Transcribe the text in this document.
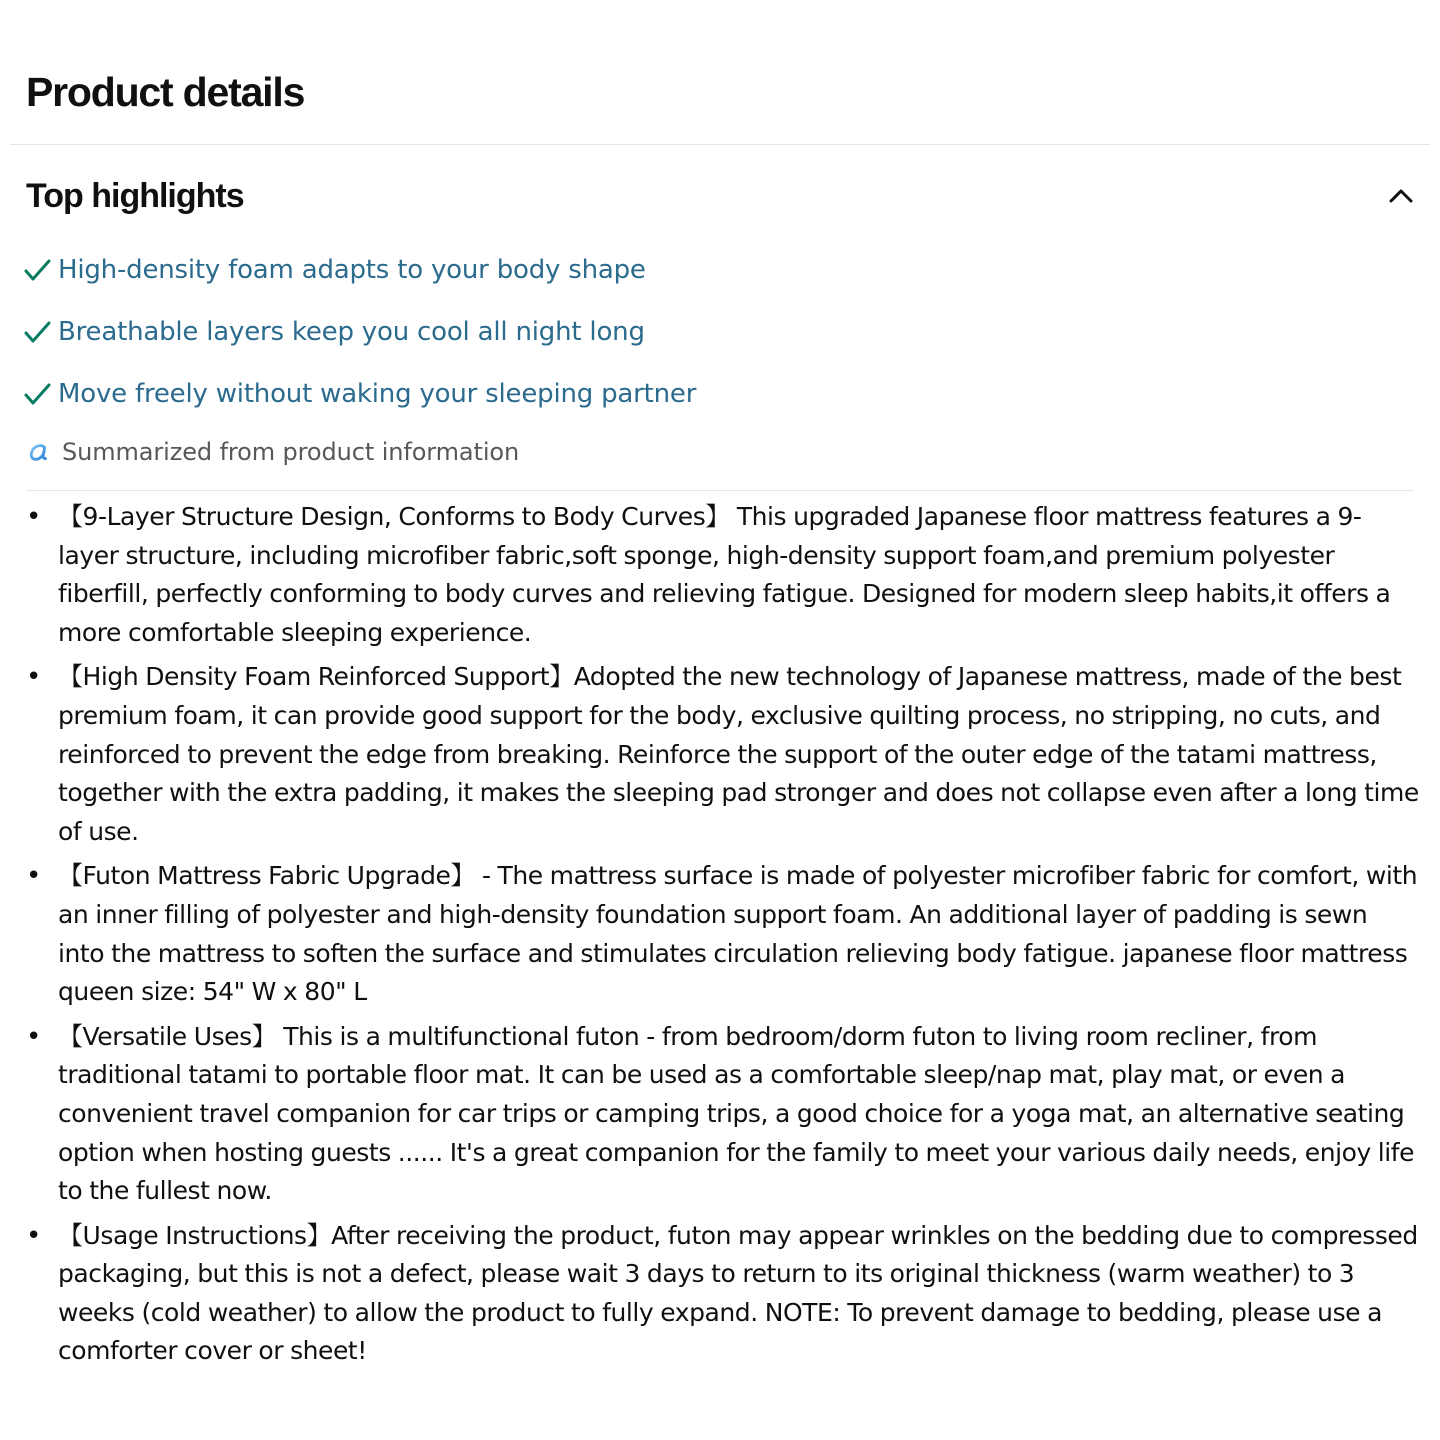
Product details
Top highlights
High-density foam adapts to your body shape
Breathable layers keep you cool all night long
Move freely without waking your sleeping partner
Summarized from product information
• 【9-Layer Structure Design, Conforms to Body Curves】 This upgraded Japanese floor mattress features a 9-layer structure, including microfiber fabric,soft sponge, high-density support foam,and premium polyester fiberfill, perfectly conforming to body curves and relieving fatigue. Designed for modern sleep habits,it offers a more comfortable sleeping experience.
• 【High Density Foam Reinforced Support】Adopted the new technology of Japanese mattress, made of the best premium foam, it can provide good support for the body, exclusive quilting process, no stripping, no cuts, and reinforced to prevent the edge from breaking. Reinforce the support of the outer edge of the tatami mattress, together with the extra padding, it makes the sleeping pad stronger and does not collapse even after a long time of use.
• 【Futon Mattress Fabric Upgrade】 - The mattress surface is made of polyester microfiber fabric for comfort, with an inner filling of polyester and high-density foundation support foam. An additional layer of padding is sewn into the mattress to soften the surface and stimulates circulation relieving body fatigue. japanese floor mattress queen size: 54" W x 80" L
• 【Versatile Uses】 This is a multifunctional futon - from bedroom/dorm futon to living room recliner, from traditional tatami to portable floor mat. It can be used as a comfortable sleep/nap mat, play mat, or even a convenient travel companion for car trips or camping trips, a good choice for a yoga mat, an alternative seating option when hosting guests ...... It's a great companion for the family to meet your various daily needs, enjoy life to the fullest now.
• 【Usage Instructions】After receiving the product, futon may appear wrinkles on the bedding due to compressed packaging, but this is not a defect, please wait 3 days to return to its original thickness (warm weather) to 3 weeks (cold weather) to allow the product to fully expand. NOTE: To prevent damage to bedding, please use a comforter cover or sheet!
